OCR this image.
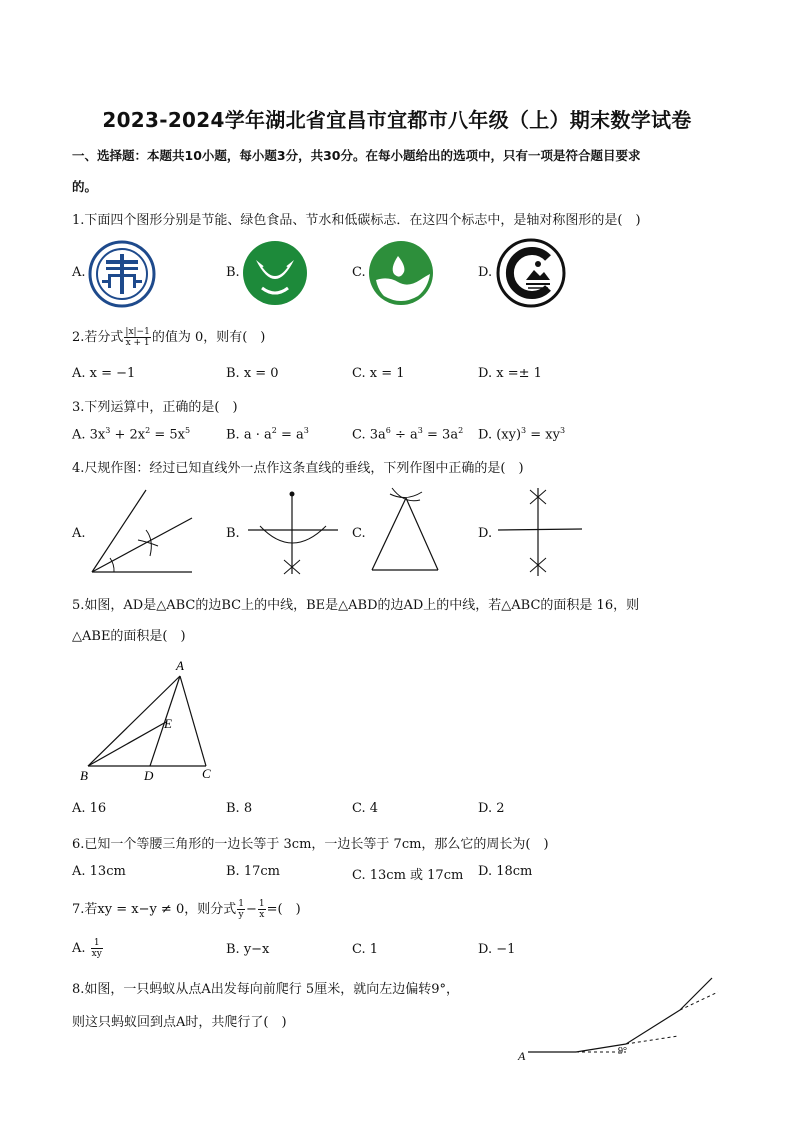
2023-2024学年湖北省宜昌市宜都市八年级（上）期末数学试卷
一、选择题：本题共10小题，每小题3分，共30分。在每小题给出的选项中，只有一项是符合题目要求
的。
1.下面四个图形分别是节能、绿色食品、节水和低碳标志．在这四个标志中，是轴对称图形的是(　)
A.	B.	C.	D.
2.若分式 $\frac{|x|-1}{x + 1}$ 的值为 0，则有(　)
A. x = −1	B. x = 0	C. x = 1	D. x =± 1
3.下列运算中，正确的是(　)
A. $3x^3 + 2x^2 = 5x^5$	B. $a \cdot a^2 = a^3$	C. $3a^6 \div a^3 = 3a^2$ D. $(xy)^3 = xy^3$
4.尺规作图：经过已知直线外一点作这条直线的垂线，下列作图中正确的是(　)
A.	B.	C.	D.
5.如图，AD是△ABC的边BC上的中线，BE是△ABD的边AD上的中线，若△ABC的面积是 16，则
△ABE的面积是(　)
A
E
B	D	C
A. 16	B. 8	C. 4	D. 2
6.已知一个等腰三角形的一边长等于 3cm，一边长等于 7cm，那么它的周长为(　)
A. 13cm	B. 17cm	C. 13cm 或 17cm D. 18cm
7.若xy = x−y ≠ 0，则分式 $\frac{1}{y} - \frac{1}{x}$ =(　)
A. $\frac{1}{xy}$	B. y−x	C. 1	D. −1
8.如图，一只蚂蚁从点A出发每向前爬行 5厘米，就向左边偏转9°，
则这只蚂蚁回到点A时，共爬行了(　)
A	9°
